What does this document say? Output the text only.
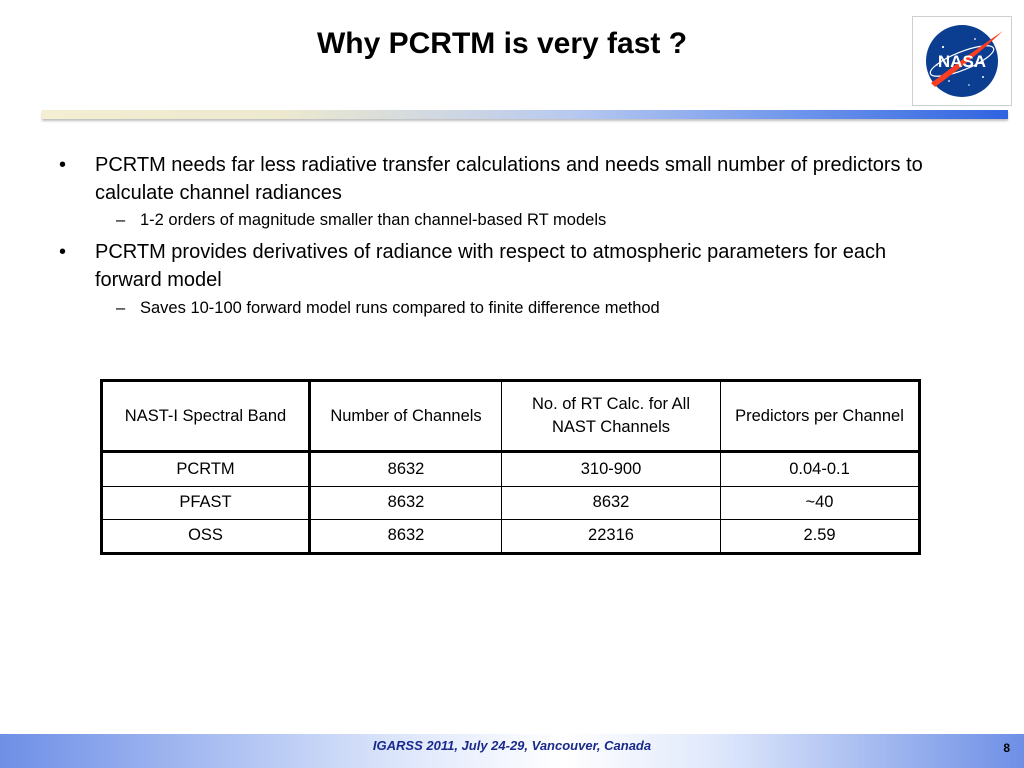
Why PCRTM is very fast ?
NASA
• PCRTM needs far less radiative transfer calculations and needs small number of predictors to calculate channel radiances
– 1-2 orders of magnitude smaller than channel-based RT models
• PCRTM provides derivatives of radiance with respect to atmospheric parameters for each forward model
– Saves 10-100 forward model runs compared to finite difference method
NAST-I Spectral Band	Number of Channels	No. of RT Calc. for All NAST Channels	Predictors per Channel
PCRTM	8632	310-900	0.04-0.1
PFAST	8632	8632	~40
OSS	8632	22316	2.59
IGARSS 2011, July 24-29, Vancouver, Canada	8
